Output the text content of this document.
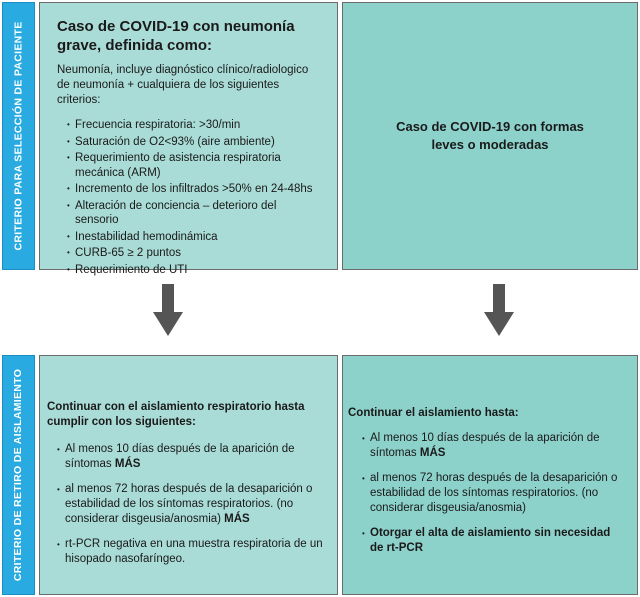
CRITERIO PARA SELECCIÓN DE PACIENTE
CRITERIO DE RETIRO DE AISLAMIENTO
Caso de COVID-19 con neumonía grave, definida como:
Neumonía, incluye diagnóstico clínico/radiologico de neumonía + cualquiera de los siguientes criterios:
• Frecuencia respiratoria: >30/min
• Saturación de O2<93% (aire ambiente)
• Requerimiento de asistencia respiratoria mecánica (ARM)
• Incremento de los infiltrados >50% en 24-48hs
• Alteración de conciencia – deterioro del sensorio
• Inestabilidad hemodinámica
• CURB-65 ≥ 2 puntos
• Requerimiento de UTI
Caso de COVID-19 con formas leves o moderadas
Continuar con el aislamiento respiratorio hasta cumplir con los siguientes:
• Al menos 10 días después de la aparición de síntomas MÁS
• al menos 72 horas después de la desaparición o estabilidad de los síntomas respiratorios. (no considerar disgeusia/anosmia) MÁS
• rt-PCR negativa en una muestra respiratoria de un hisopado nasofaríngeo.
Continuar el aislamiento hasta:
• Al menos 10 días después de la aparición de síntomas MÁS
• al menos 72 horas después de la desaparición o estabilidad de los síntomas respiratorios. (no considerar disgeusia/anosmia)
• Otorgar el alta de aislamiento sin necesidad de rt-PCR
